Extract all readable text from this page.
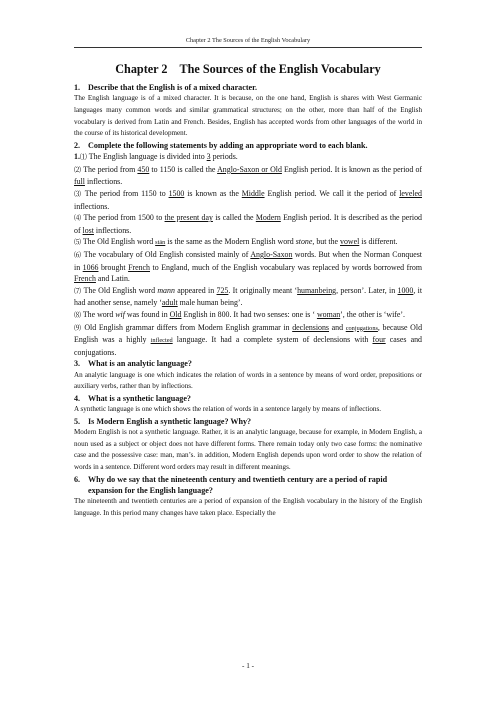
Chapter 2 The Sources of the English Vocabulary
Chapter 2 The Sources of the English Vocabulary

1. Describe that the English is of a mixed character.

The English language is of a mixed character. It is because, on the one hand, English is shares with West Germanic languages many common words and similar grammatical structures; on the other, more than half of the English vocabulary is derived from Latin and French. Besides, English has accepted words from other languages of the world in the course of its historical development.

2. Complete the following statements by adding an appropriate word to each blank.

1.⑴ The English language is divided into 3 periods.

⑵ The period from 450 to 1150 is called the Anglo-Saxon or Old English period. It is known as the period of full inflections.

⑶ The period from 1150 to 1500 is known as the Middle English period. We call it the period of leveled inflections.

⑷ The period from 1500 to the present day is called the Modern English period. It is described as the period of lost inflections.

⑸ The Old English word stān is the same as the Modern English word stone, but the vowel is different.

⑹ The vocabulary of Old English consisted mainly of Anglo-Saxon words. But when the Norman Conquest in 1066 brought French to England, much of the English vocabulary was replaced by words borrowed from French and Latin.

⑺ The Old English word mann appeared in 725. It originally meant ‘humanbeing, person’. Later, in 1000, it had another sense, namely ‘adult male human being’.

⑻ The word wif was found in Old English in 800. It had two senses: one is ‘ woman’, the other is ‘wife’.

⑼ Old English grammar differs from Modern English grammar in declensions and conjugations, because Old English was a highly inflected language. It had a complete system of declensions with four cases and conjugations.

3. What is an analytic language?

An analytic language is one which indicates the relation of words in a sentence by means of word order, prepositions or auxiliary verbs, rather than by inflections.

4. What is a synthetic language?

A synthetic language is one which shows the relation of words in a sentence largely by means of inflections.

5. Is Modern English a synthetic language? Why?

Modern English is not a synthetic language. Rather, it is an analytic language, because for example, in Modern English, a noun used as a subject or object does not have different forms. There remain today only two case forms: the nominative case and the possessive case: man, man’s. in addition, Modern English depends upon word order to show the relation of words in a sentence. Different word orders may result in different meanings.

6. Why do we say that the nineteenth century and twentieth century are a period of rapid expansion for the English language?

The nineteenth and twentieth centuries are a period of expansion of the English vocabulary in the history of the English language. In this period many changes have taken place. Especially the

- 1 -
